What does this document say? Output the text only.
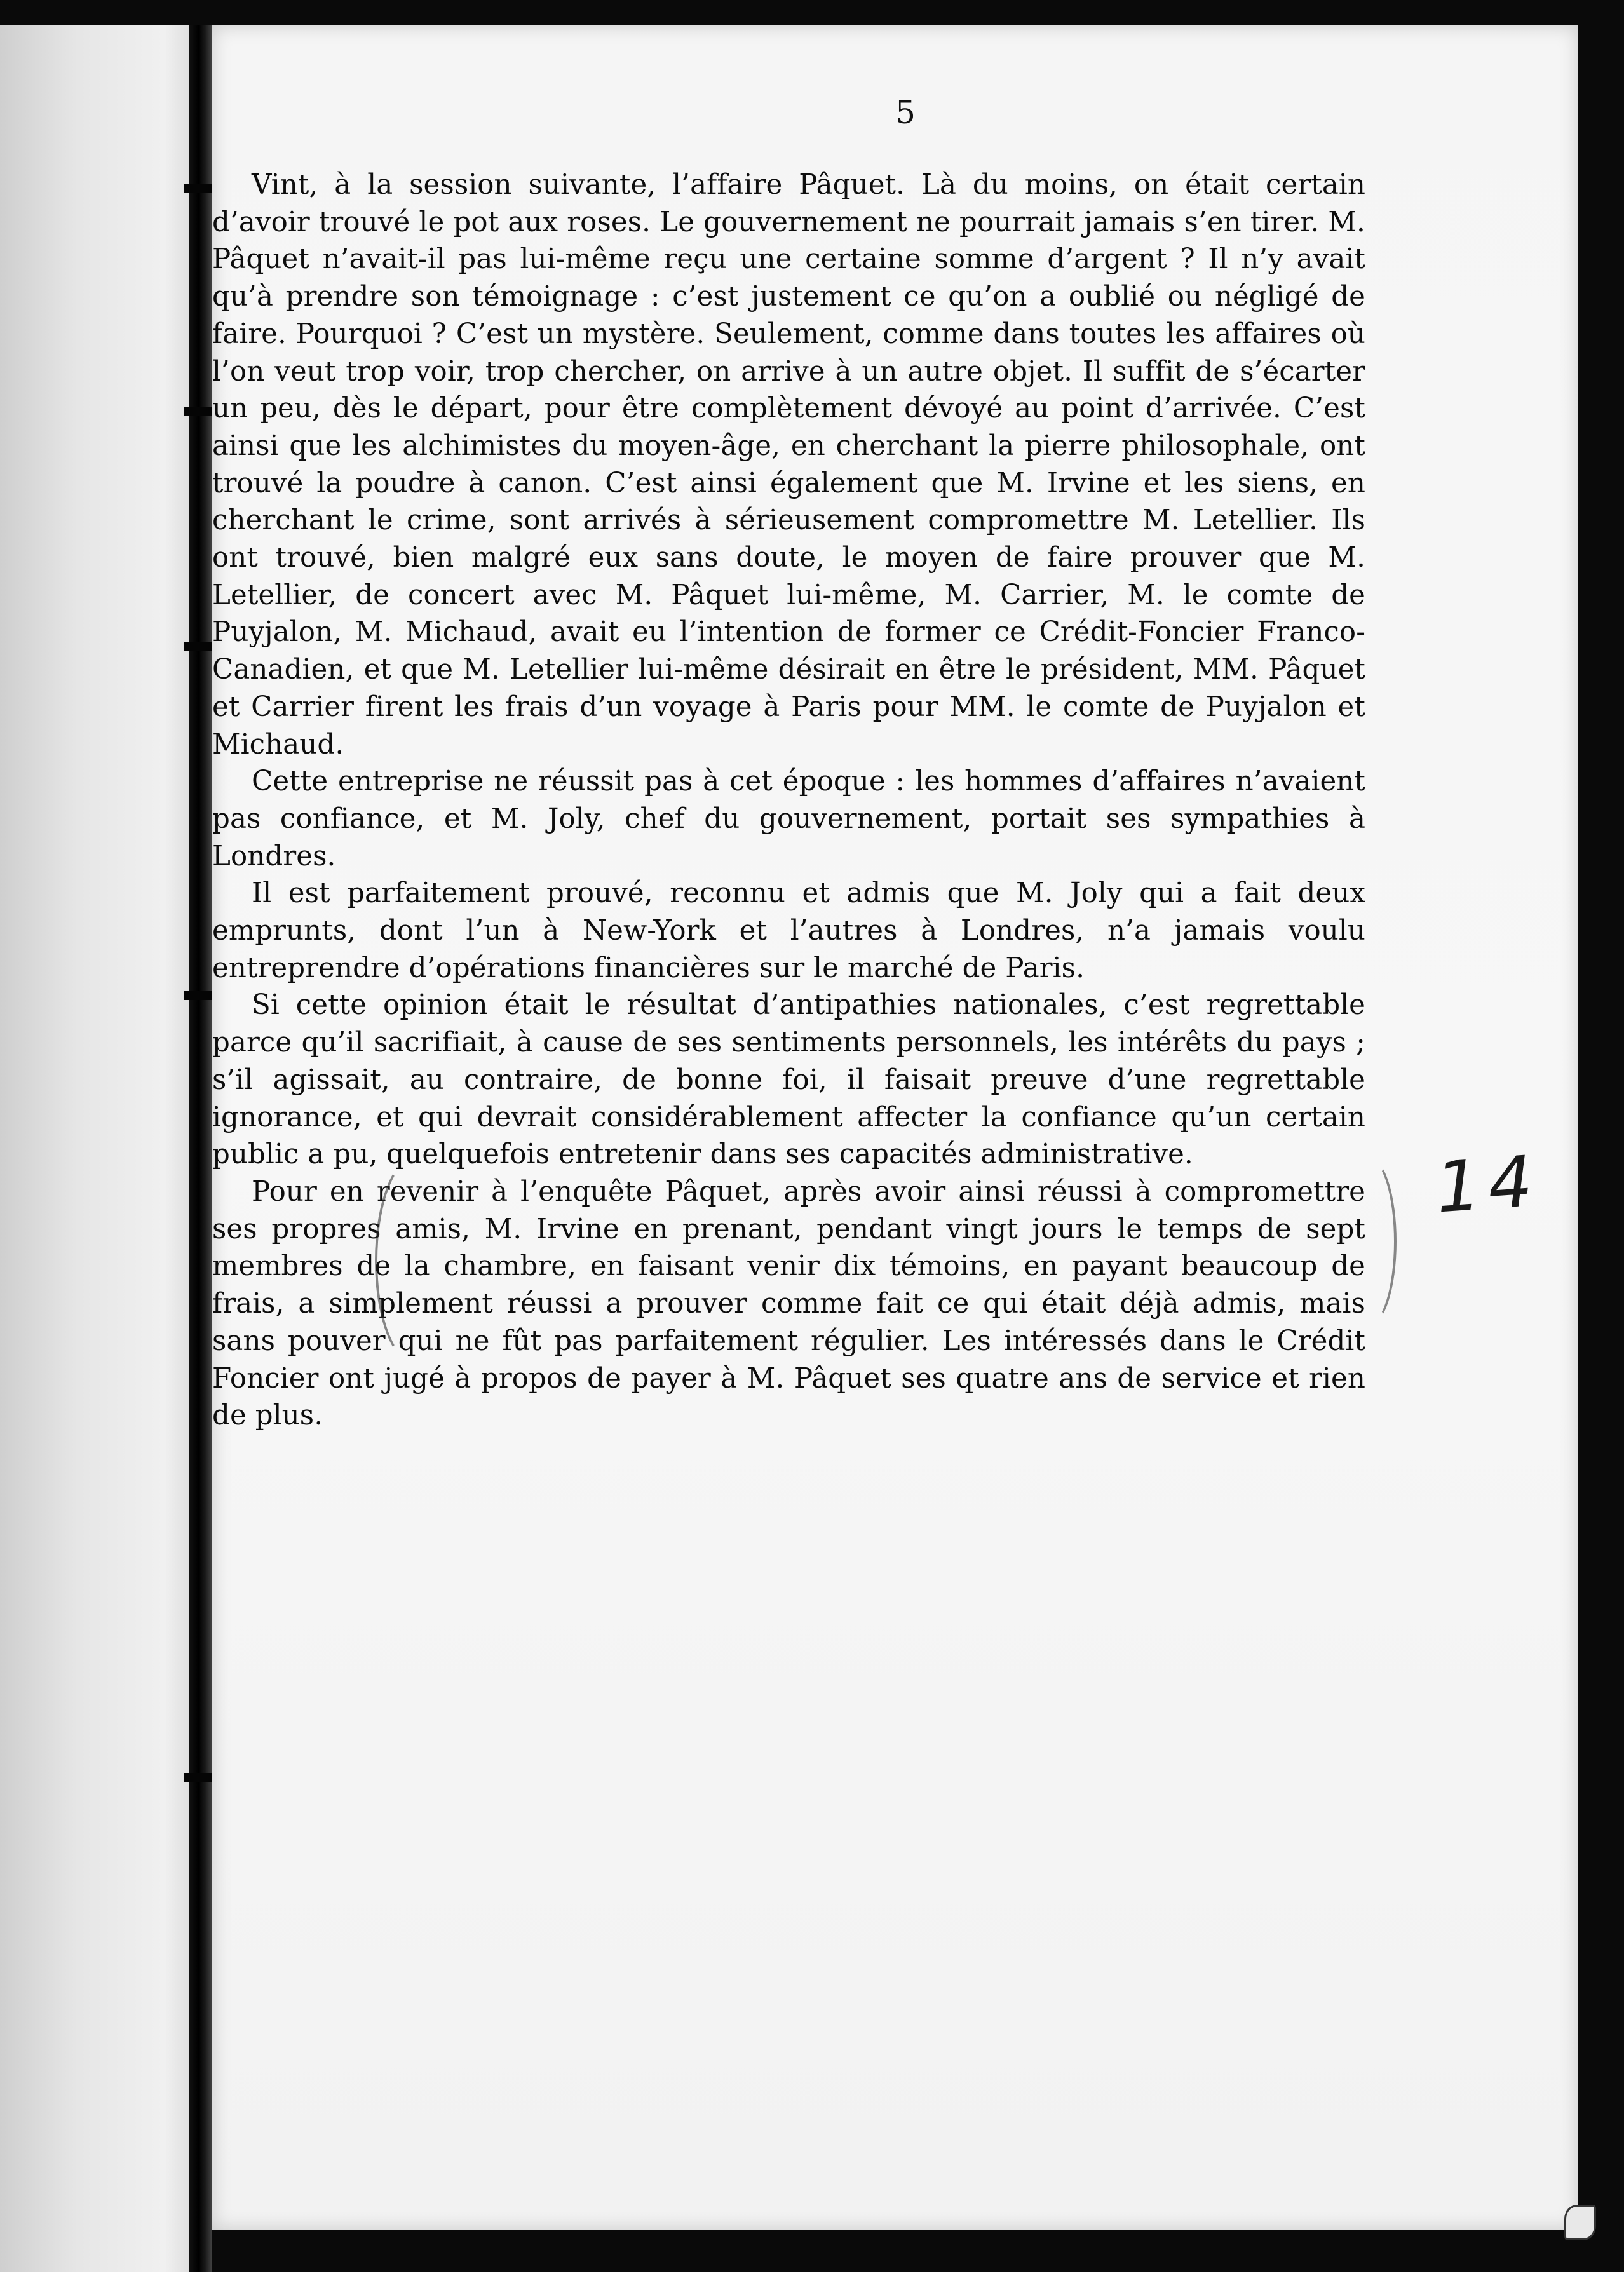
5

Vint, à la session suivante, l’affaire Pâquet. Là du moins, on était certain d’avoir trouvé le pot aux roses. Le gouvernement ne pourrait jamais s’en tirer. M. Pâquet n’avait-il pas lui-même reçu une certaine somme d’argent ? Il n’y avait qu’à prendre son témoignage : c’est justement ce qu’on a oublié ou négligé de faire. Pourquoi ? C’est un mystère. Seulement, comme dans toutes les affaires où l’on veut trop voir, trop chercher, on arrive à un autre objet. Il suffit de s’écarter un peu, dès le départ, pour être complètement dévoyé au point d’arrivée. C’est ainsi que les alchimistes du moyen-âge, en cherchant la pierre philosophale, ont trouvé la poudre à canon. C’est ainsi également que M. Irvine et les siens, en cherchant le crime, sont arrivés à sérieusement compromettre M. Letellier. Ils ont trouvé, bien malgré eux sans doute, le moyen de faire prouver que M. Letellier, de concert avec M. Pâquet lui-même, M. Carrier, M. le comte de Puyjalon, M. Michaud, avait eu l’intention de former ce Crédit-Foncier Franco-Canadien, et que M. Letellier lui-même désirait en être le président, MM. Pâquet et Carrier firent les frais d’un voyage à Paris pour MM. le comte de Puyjalon et Michaud.

Cette entreprise ne réussit pas à cet époque : les hommes d’affaires n’avaient pas confiance, et M. Joly, chef du gouvernement, portait ses sympathies à Londres.

Il est parfaitement prouvé, reconnu et admis que M. Joly qui a fait deux emprunts, dont l’un à New-York et l’autres à Londres, n’a jamais voulu entreprendre d’opérations financières sur le marché de Paris.

Si cette opinion était le résultat d’antipathies nationales, c’est regrettable parce qu’il sacrifiait, à cause de ses sentiments personnels, les intérêts du pays ; s’il agissait, au contraire, de bonne foi, il faisait preuve d’une regrettable ignorance, et qui devrait considérablement affecter la confiance qu’un certain public a pu, quelquefois entretenir dans ses capacités administrative.

Pour en revenir à l’enquête Pâquet, après avoir ainsi réussi à compromettre ses propres amis, M. Irvine en prenant, pendant vingt jours le temps de sept membres de la chambre, en faisant venir dix témoins, en payant beaucoup de frais, a simplement réussi a prouver comme fait ce qui était déjà admis, mais sans pouver qui ne fût pas parfaitement régulier. Les intéressés dans le Crédit Foncier ont jugé à propos de payer à M. Pâquet ses quatre ans de service et rien de plus.

14
